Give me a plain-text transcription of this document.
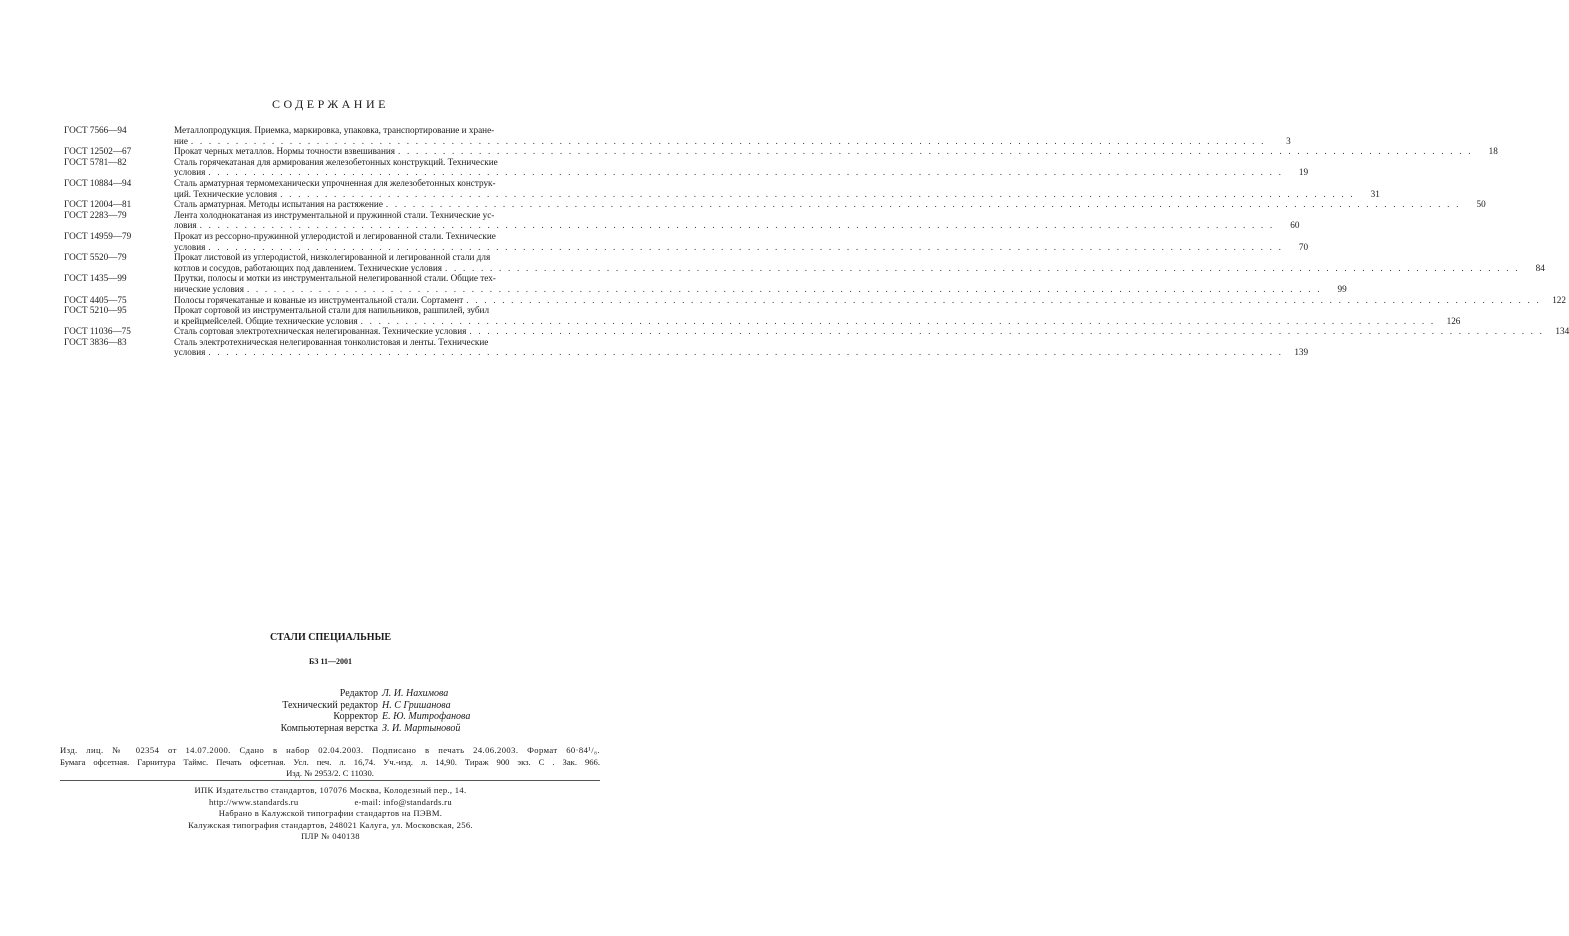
СОДЕРЖАНИЕ
ГОСТ 7566—94	Металлопродукция. Приемка, маркировка, упаковка, транспортирование и хране-
ние . . . . . . . . . . . . . . . . . . . . . . . . . . . . . . . . . . . . . . . . . . . . . . . . . . . . . . . . . . . . . . . . . . . . . . . . . . . . . . . . . . . . . . . . . . . . . . . . . . . . . . . . . . . . . . . . . . . . . . . .	3
ГОСТ 12502—67	Прокат черных металлов. Нормы точности взвешивания . . . . . . . . . . . . . . . . . . . . . . . . . . . . . . . . . . . . . . . . . . . . . . . . . . . . . . . . . . . . . . . . . . . . . . . . . . . . . . . . . . . . . . . . . . . . . . . . . . . . . . . . . . . . . . . . . . . . . . . .	18
ГОСТ 5781—82	Сталь горячекатаная для армирования железобетонных конструкций. Технические
условия . . . . . . . . . . . . . . . . . . . . . . . . . . . . . . . . . . . . . . . . . . . . . . . . . . . . . . . . . . . . . . . . . . . . . . . . . . . . . . . . . . . . . . . . . . . . . . . . . . . . . . . . . . . . . . . . . . . . . . . .	19
ГОСТ 10884—94	Сталь арматурная термомеханически упрочненная для железобетонных конструк-
ций. Технические условия . . . . . . . . . . . . . . . . . . . . . . . . . . . . . . . . . . . . . . . . . . . . . . . . . . . . . . . . . . . . . . . . . . . . . . . . . . . . . . . . . . . . . . . . . . . . . . . . . . . . . . . . . . . . . . . . . . . . . . . .	31
ГОСТ 12004—81	Сталь арматурная. Методы испытания на растяжение . . . . . . . . . . . . . . . . . . . . . . . . . . . . . . . . . . . . . . . . . . . . . . . . . . . . . . . . . . . . . . . . . . . . . . . . . . . . . . . . . . . . . . . . . . . . . . . . . . . . . . . . . . . . . . . . . . . . . . . .	50
ГОСТ 2283—79	Лента холоднокатаная из инструментальной и пружинной стали. Технические ус-
ловия . . . . . . . . . . . . . . . . . . . . . . . . . . . . . . . . . . . . . . . . . . . . . . . . . . . . . . . . . . . . . . . . . . . . . . . . . . . . . . . . . . . . . . . . . . . . . . . . . . . . . . . . . . . . . . . . . . . . . . . .	60
ГОСТ 14959—79	Прокат из рессорно-пружинной углеродистой и легированной стали. Технические
условия . . . . . . . . . . . . . . . . . . . . . . . . . . . . . . . . . . . . . . . . . . . . . . . . . . . . . . . . . . . . . . . . . . . . . . . . . . . . . . . . . . . . . . . . . . . . . . . . . . . . . . . . . . . . . . . . . . . . . . . .	70
ГОСТ 5520—79	Прокат листовой из углеродистой, низколегированной и легированной стали для
котлов и сосудов, работающих под давлением. Технические условия . . . . . . . . . . . . . . . . . . . . . . . . . . . . . . . . . . . . . . . . . . . . . . . . . . . . . . . . . . . . . . . . . . . . . . . . . . . . . . . . . . . . . . . . . . . . . . . . . . . . . . . . . . . . . . . . . . . . . . . .	84
ГОСТ 1435—99	Прутки, полосы и мотки из инструментальной нелегированной стали. Общие тех-
нические условия . . . . . . . . . . . . . . . . . . . . . . . . . . . . . . . . . . . . . . . . . . . . . . . . . . . . . . . . . . . . . . . . . . . . . . . . . . . . . . . . . . . . . . . . . . . . . . . . . . . . . . . . . . . . . . . . . . . . . . . .	99
ГОСТ 4405—75	Полосы горячекатаные и кованые из инструментальной стали. Сортамент . . . . . . . . . . . . . . . . . . . . . . . . . . . . . . . . . . . . . . . . . . . . . . . . . . . . . . . . . . . . . . . . . . . . . . . . . . . . . . . . . . . . . . . . . . . . . . . . . . . . . . . . . . . . . . . . . . . . . . . .	122
ГОСТ 5210—95	Прокат сортовой из инструментальной стали для напильников, рашпилей, зубил
и крейцмейселей. Общие технические условия . . . . . . . . . . . . . . . . . . . . . . . . . . . . . . . . . . . . . . . . . . . . . . . . . . . . . . . . . . . . . . . . . . . . . . . . . . . . . . . . . . . . . . . . . . . . . . . . . . . . . . . . . . . . . . . . . . . . . . . .	126
ГОСТ 11036—75	Сталь сортовая электротехническая нелегированная. Технические условия . . . . . . . . . . . . . . . . . . . . . . . . . . . . . . . . . . . . . . . . . . . . . . . . . . . . . . . . . . . . . . . . . . . . . . . . . . . . . . . . . . . . . . . . . . . . . . . . . . . . . . . . . . . . . . . . . . . . . . . .	134
ГОСТ 3836—83	Сталь электротехническая нелегированная тонколистовая и ленты. Технические
условия . . . . . . . . . . . . . . . . . . . . . . . . . . . . . . . . . . . . . . . . . . . . . . . . . . . . . . . . . . . . . . . . . . . . . . . . . . . . . . . . . . . . . . . . . . . . . . . . . . . . . . . . . . . . . . . . . . . . . . . .	139
СТАЛИ СПЕЦИАЛЬНЫЕ
БЗ 11—2001
Редактор Л. И. Нахимова
Технический редактор Н. С Гришанова
Корректор Е. Ю. Митрофанова
Компьютерная верстка З. И. Мартыновой
Изд. лиц. № 02354 от 14.07.2000. Сдано в набор 02.04.2003. Подписано в печать 24.06.2003. Формат 60·84¹/₈.
Бумага офсетная. Гарнитура Таймс. Печать офсетная. Усл. печ. л. 16,74. Уч.-изд. л. 14,90. Тираж 900 экз. С . Зак. 966.
Изд. № 2953/2. С 11030.
ИПК Издательство стандартов, 107076 Москва, Колодезный пер., 14.
http://www.standards.ru	e-mail: info@standards.ru
Набрано в Калужской типографии стандартов на ПЭВМ.
Калужская типография стандартов, 248021 Калуга, ул. Московская, 256.
ПЛР № 040138
